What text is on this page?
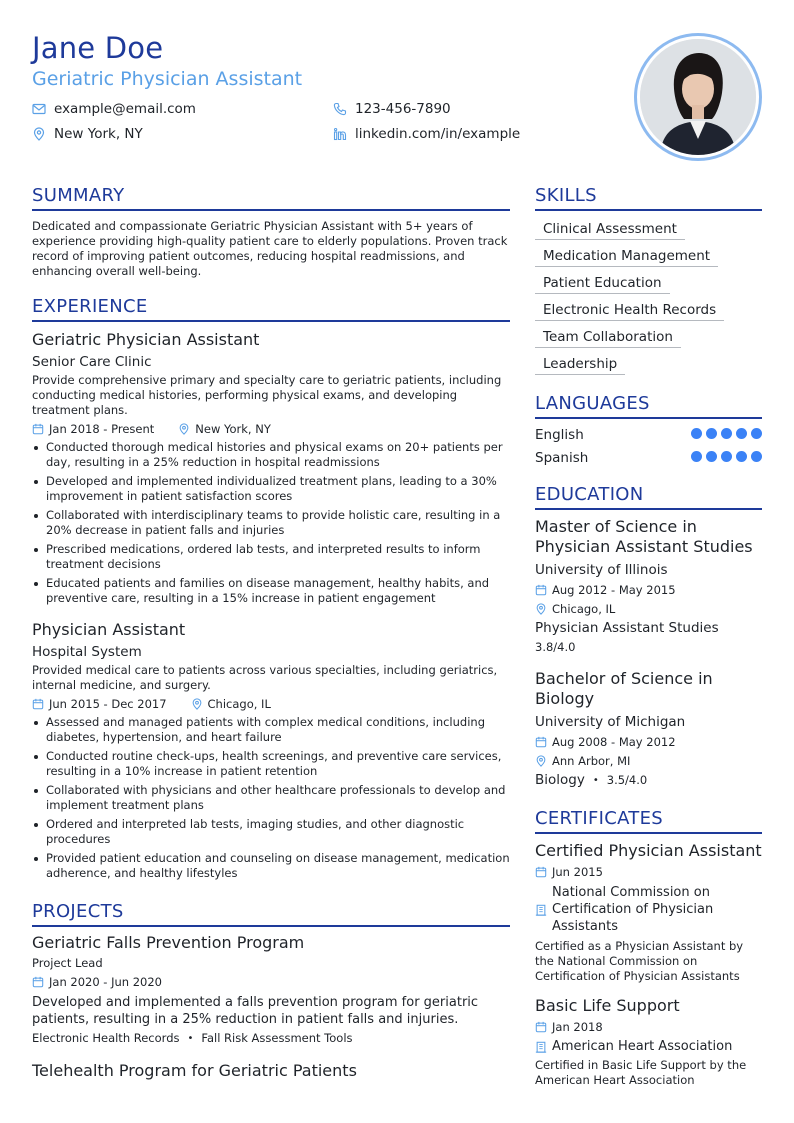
Jane Doe
Geriatric Physician Assistant
example@email.com	123-456-7890
New York, NY	linkedin.com/in/example
SUMMARY
Dedicated and compassionate Geriatric Physician Assistant with 5+ years of experience providing high-quality patient care to elderly populations. Proven track record of improving patient outcomes, reducing hospital readmissions, and enhancing overall well-being.
EXPERIENCE
Geriatric Physician Assistant
Senior Care Clinic
Provide comprehensive primary and specialty care to geriatric patients, including conducting medical histories, performing physical exams, and developing treatment plans.
Jan 2018 - Present	New York, NY
Conducted thorough medical histories and physical exams on 20+ patients per day, resulting in a 25% reduction in hospital readmissions
Developed and implemented individualized treatment plans, leading to a 30% improvement in patient satisfaction scores
Collaborated with interdisciplinary teams to provide holistic care, resulting in a 20% decrease in patient falls and injuries
Prescribed medications, ordered lab tests, and interpreted results to inform treatment decisions
Educated patients and families on disease management, healthy habits, and preventive care, resulting in a 15% increase in patient engagement
Physician Assistant
Hospital System
Provided medical care to patients across various specialties, including geriatrics, internal medicine, and surgery.
Jun 2015 - Dec 2017	Chicago, IL
Assessed and managed patients with complex medical conditions, including diabetes, hypertension, and heart failure
Conducted routine check-ups, health screenings, and preventive care services, resulting in a 10% increase in patient retention
Collaborated with physicians and other healthcare professionals to develop and implement treatment plans
Ordered and interpreted lab tests, imaging studies, and other diagnostic procedures
Provided patient education and counseling on disease management, medication adherence, and healthy lifestyles
PROJECTS
Geriatric Falls Prevention Program
Project Lead
Jan 2020 - Jun 2020
Developed and implemented a falls prevention program for geriatric patients, resulting in a 25% reduction in patient falls and injuries.
Electronic Health Records • Fall Risk Assessment Tools
Telehealth Program for Geriatric Patients
SKILLS
Clinical Assessment
Medication Management
Patient Education
Electronic Health Records
Team Collaboration
Leadership
LANGUAGES
English
Spanish
EDUCATION
Master of Science in Physician Assistant Studies
University of Illinois
Aug 2012 - May 2015
Chicago, IL
Physician Assistant Studies
3.8/4.0
Bachelor of Science in Biology
University of Michigan
Aug 2008 - May 2012
Ann Arbor, MI
Biology • 3.5/4.0
CERTIFICATES
Certified Physician Assistant
Jun 2015
National Commission on Certification of Physician Assistants
Certified as a Physician Assistant by the National Commission on Certification of Physician Assistants
Basic Life Support
Jan 2018
American Heart Association
Certified in Basic Life Support by the American Heart Association
